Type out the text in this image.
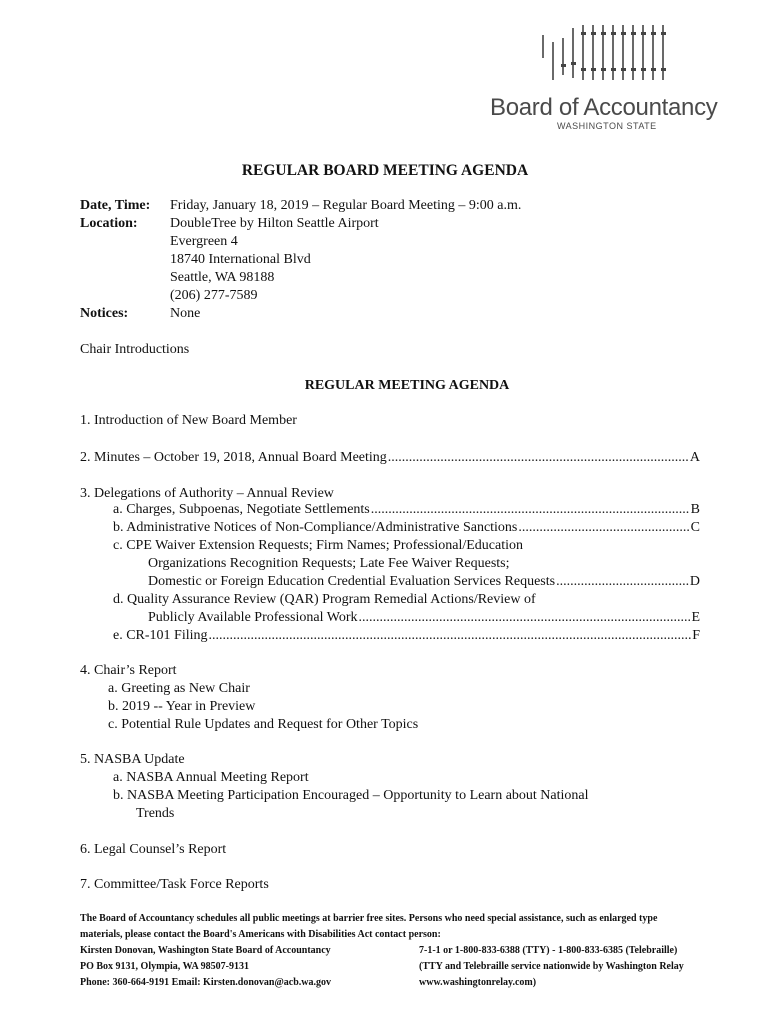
Board of Accountancy
WASHINGTON STATE
REGULAR BOARD MEETING AGENDA
Date, Time: Friday, January 18, 2019 – Regular Board Meeting – 9:00 a.m.
Location: DoubleTree by Hilton Seattle Airport
Evergreen 4
18740 International Blvd
Seattle, WA 98188
(206) 277-7589
Notices:	None
Chair Introductions
REGULAR MEETING AGENDA
1. Introduction of New Board Member
2. Minutes – October 19, 2018, Annual Board Meeting .....	A
3. Delegations of Authority – Annual Review
a. Charges, Subpoenas, Negotiate Settlements .....	B
b. Administrative Notices of Non-Compliance/Administrative Sanctions .....	C
c. CPE Waiver Extension Requests; Firm Names; Professional/Education
Organizations Recognition Requests; Late Fee Waiver Requests;
Domestic or Foreign Education Credential Evaluation Services Requests .....	D
d. Quality Assurance Review (QAR) Program Remedial Actions/Review of
Publicly Available Professional Work .....	E
e. CR-101 Filing .....	F
4. Chair’s Report
a. Greeting as New Chair
b. 2019 -- Year in Preview
c. Potential Rule Updates and Request for Other Topics
5. NASBA Update
a. NASBA Annual Meeting Report
b. NASBA Meeting Participation Encouraged – Opportunity to Learn about National
Trends
6. Legal Counsel’s Report
7. Committee/Task Force Reports
The Board of Accountancy schedules all public meetings at barrier free sites. Persons who need special assistance, such as enlarged type
materials, please contact the Board's Americans with Disabilities Act contact person:
Kirsten Donovan, Washington State Board of Accountancy
PO Box 9131, Olympia, WA 98507-9131
Phone: 360-664-9191 Email: Kirsten.donovan@acb.wa.gov
7-1-1 or 1-800-833-6388 (TTY) - 1-800-833-6385 (Telebraille)
(TTY and Telebraille service nationwide by Washington Relay
www.washingtonrelay.com)
